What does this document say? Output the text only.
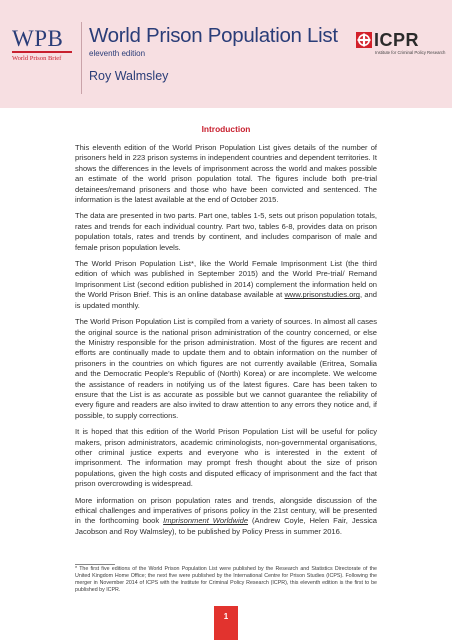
WPB
World Prison Brief
World Prison Population List
eleventh edition
Roy Walmsley
ICPR
Institute for Criminal Policy Research
Introduction

This eleventh edition of the World Prison Population List gives details of the number of prisoners held in 223 prison systems in independent countries and dependent territories. It shows the differences in the levels of imprisonment across the world and makes possible an estimate of the world prison population total. The figures include both pre-trial detainees/remand prisoners and those who have been convicted and sentenced. The information is the latest available at the end of October 2015.

The data are presented in two parts. Part one, tables 1-5, sets out prison population totals, rates and trends for each individual country. Part two, tables 6-8, provides data on prison population totals, rates and trends by continent, and includes comparison of male and female prison population levels.

The World Prison Population List*, like the World Female Imprisonment List (the third edition of which was published in September 2015) and the World Pre-trial/ Remand Imprisonment List (second edition published in 2014) complement the information held on the World Prison Brief. This is an online database available at www.prisonstudies.org, and is updated monthly.

The World Prison Population List is compiled from a variety of sources. In almost all cases the original source is the national prison administration of the country concerned, or else the Ministry responsible for the prison administration. Most of the figures are recent and efforts are continually made to update them and to obtain information on the number of prisoners in the countries on which figures are not currently available (Eritrea, Somalia and the Democratic People’s Republic of (North) Korea) or are incomplete. We welcome the assistance of readers in notifying us of the latest figures. Care has been taken to ensure that the List is as accurate as possible but we cannot guarantee the reliability of every figure and readers are also invited to draw attention to any errors they notice and, if possible, to supply corrections.

It is hoped that this edition of the World Prison Population List will be useful for policy makers, prison administrators, academic criminologists, non-governmental organisations, other criminal justice experts and everyone who is interested in the extent of imprisonment. The information may prompt fresh thought about the size of prison populations, given the high costs and disputed efficacy of imprisonment and the fact that prison overcrowding is widespread.

More information on prison population rates and trends, alongside discussion of the ethical challenges and imperatives of prisons policy in the 21st century, will be presented in the forthcoming book Imprisonment Worldwide (Andrew Coyle, Helen Fair, Jessica Jacobson and Roy Walmsley), to be published by Policy Press in summer 2016.

* The first five editions of the World Prison Population List were published by the Research and Statistics Directorate of the United Kingdom Home Office; the next five were published by the International Centre for Prison Studies (ICPS). Following the merger in November 2014 of ICPS with the Institute for Criminal Policy Research (ICPR), this eleventh edition is the first to be published by ICPR.
1
